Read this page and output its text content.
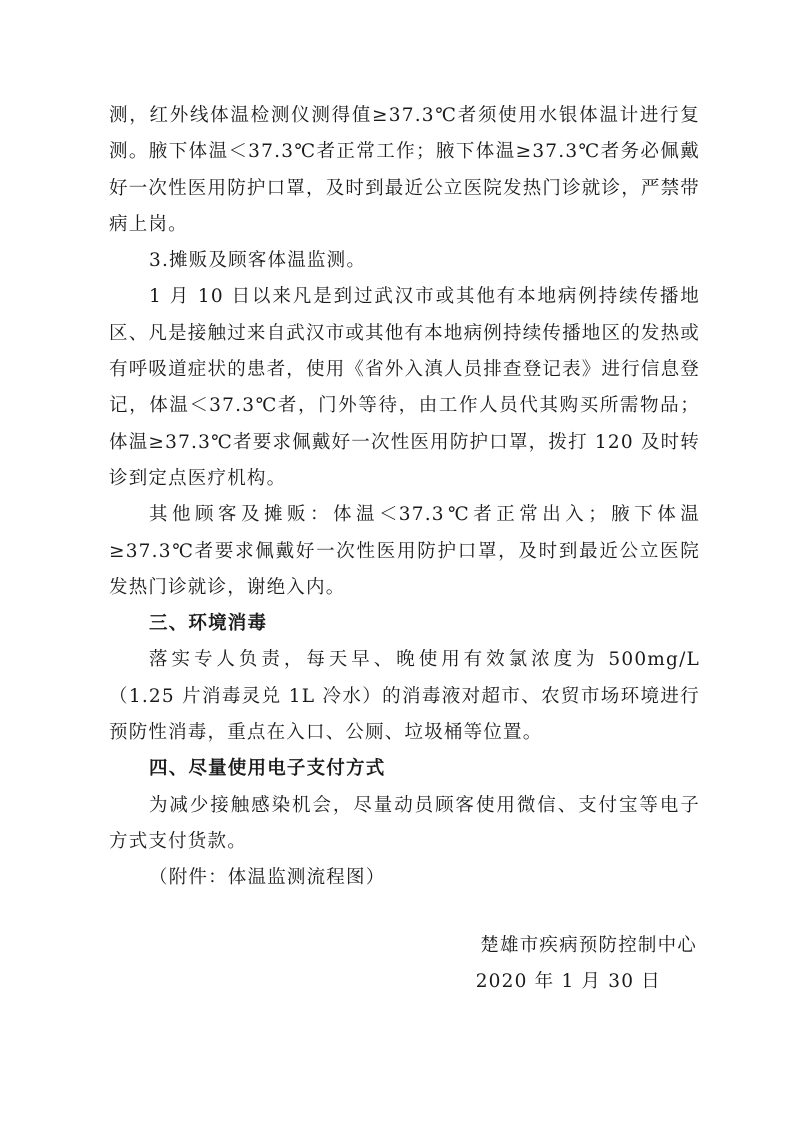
测，红外线体温检测仪测得值≥37.3℃者须使用水银体温计进行复测。腋下体温＜37.3℃者正常工作；腋下体温≥37.3℃者务必佩戴好一次性医用防护口罩，及时到最近公立医院发热门诊就诊，严禁带病上岗。

3.摊贩及顾客体温监测。

1 月 10 日以来凡是到过武汉市或其他有本地病例持续传播地区、凡是接触过来自武汉市或其他有本地病例持续传播地区的发热或有呼吸道症状的患者，使用《省外入滇人员排查登记表》进行信息登记，体温＜37.3℃者，门外等待，由工作人员代其购买所需物品；体温≥37.3℃者要求佩戴好一次性医用防护口罩，拨打 120 及时转诊到定点医疗机构。

其他顾客及摊贩：体温＜37.3℃者正常出入；腋下体温≥37.3℃者要求佩戴好一次性医用防护口罩，及时到最近公立医院发热门诊就诊，谢绝入内。

三、环境消毒

落实专人负责，每天早、晚使用有效氯浓度为 500mg/L（1.25 片消毒灵兑 1L 冷水）的消毒液对超市、农贸市场环境进行预防性消毒，重点在入口、公厕、垃圾桶等位置。

四、尽量使用电子支付方式

为减少接触感染机会，尽量动员顾客使用微信、支付宝等电子方式支付货款。

（附件：体温监测流程图）

楚雄市疾病预防控制中心
2020 年 1 月 30 日
